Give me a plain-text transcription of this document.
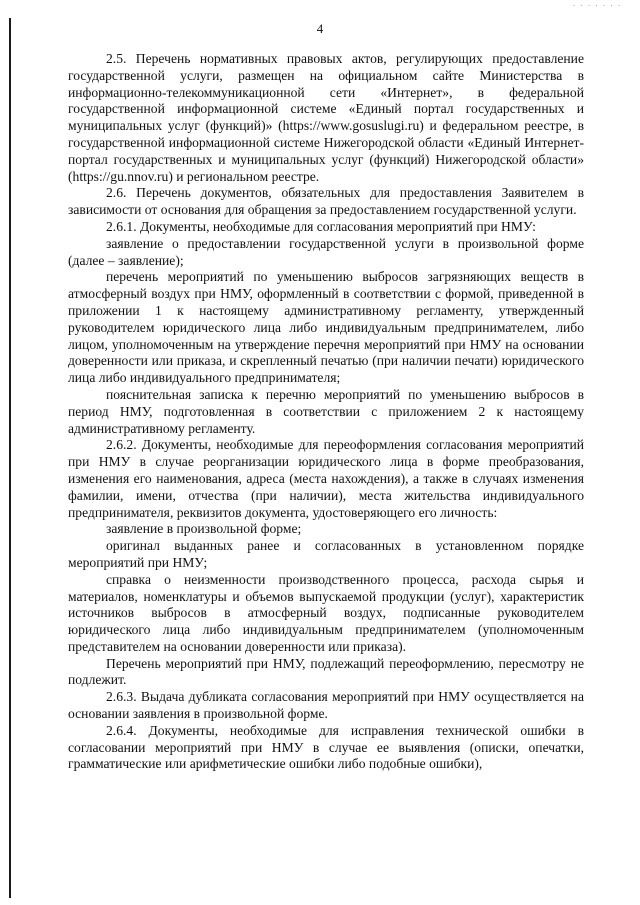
. . . . . . .
4

2.5. Перечень нормативных правовых актов, регулирующих предоставление государственной услуги, размещен на официальном сайте Министерства в информационно-телекоммуникационной сети «Интернет», в федеральной государственной информационной системе «Единый портал государственных и муниципальных услуг (функций)» (https://www.gosuslugi.ru) и федеральном реестре, в государственной информационной системе Нижегородской области «Единый Интернет-портал государственных и муниципальных услуг (функций) Нижегородской области» (https://gu.nnov.ru) и региональном реестре.

2.6. Перечень документов, обязательных для предоставления Заявителем в зависимости от основания для обращения за предоставлением государственной услуги.

2.6.1. Документы, необходимые для согласования мероприятий при НМУ:

заявление о предоставлении государственной услуги в произвольной форме (далее – заявление);

перечень мероприятий по уменьшению выбросов загрязняющих веществ в атмосферный воздух при НМУ, оформленный в соответствии с формой, приведенной в приложении 1 к настоящему административному регламенту, утвержденный руководителем юридического лица либо индивидуальным предпринимателем, либо лицом, уполномоченным на утверждение перечня мероприятий при НМУ на основании доверенности или приказа, и скрепленный печатью (при наличии печати) юридического лица либо индивидуального предпринимателя;

пояснительная записка к перечню мероприятий по уменьшению выбросов в период НМУ, подготовленная в соответствии с приложением 2 к настоящему административному регламенту.

2.6.2. Документы, необходимые для переоформления согласования мероприятий при НМУ в случае реорганизации юридического лица в форме преобразования, изменения его наименования, адреса (места нахождения), а также в случаях изменения фамилии, имени, отчества (при наличии), места жительства индивидуального предпринимателя, реквизитов документа, удостоверяющего его личность:

заявление в произвольной форме;

оригинал выданных ранее и согласованных в установленном порядке мероприятий при НМУ;

справка о неизменности производственного процесса, расхода сырья и материалов, номенклатуры и объемов выпускаемой продукции (услуг), характеристик источников выбросов в атмосферный воздух, подписанные руководителем юридического лица либо индивидуальным предпринимателем (уполномоченным представителем на основании доверенности или приказа).

Перечень мероприятий при НМУ, подлежащий переоформлению, пересмотру не подлежит.

2.6.3. Выдача дубликата согласования мероприятий при НМУ осуществляется на основании заявления в произвольной форме.

2.6.4. Документы, необходимые для исправления технической ошибки в согласовании мероприятий при НМУ в случае ее выявления (описки, опечатки, грамматические или арифметические ошибки либо подобные ошибки),
